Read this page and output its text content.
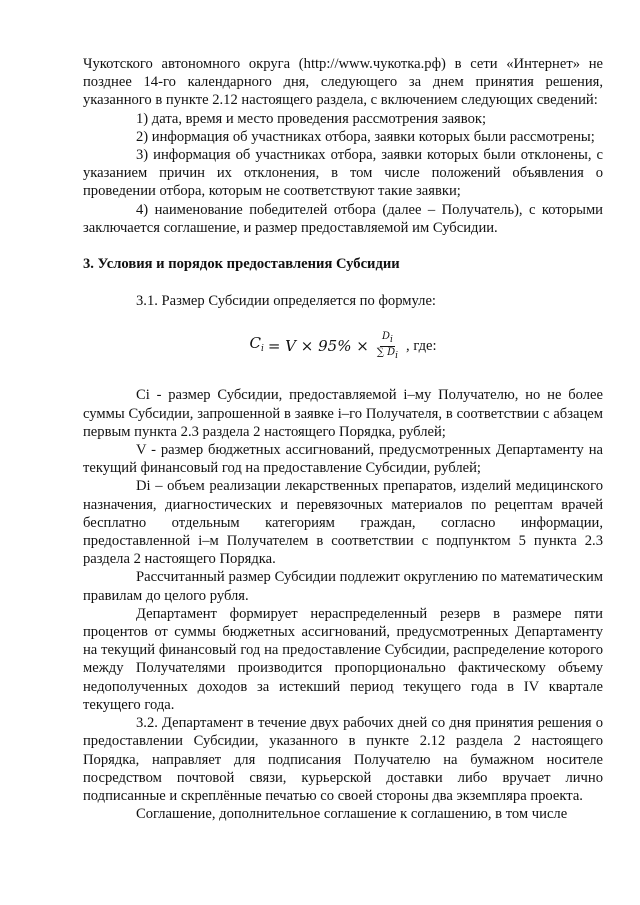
Чукотского автономного округа (http://www.чукотка.рф) в сети «Интернет» не позднее 14-го календарного дня, следующего за днем принятия решения, указанного в пункте 2.12 настоящего раздела, с включением следующих сведений:

1) дата, время и место проведения рассмотрения заявок;

2) информация об участниках отбора, заявки которых были рассмотрены;

3) информация об участниках отбора, заявки которых были отклонены, с указанием причин их отклонения, в том числе положений объявления о проведении отбора, которым не соответствуют такие заявки;

4) наименование победителей отбора (далее – Получатель), с которыми заключается соглашение, и размер предоставляемой им Субсидии.

3. Условия и порядок предоставления Субсидии

3.1. Размер Субсидии определяется по формуле:

$C_i = V \times 95\% \times \frac{Di}{\sum Di}$ , где:

Ci - размер Субсидии, предоставляемой i–му Получателю, но не более суммы Субсидии, запрошенной в заявке i–го Получателя, в соответствии с абзацем первым пункта 2.3 раздела 2 настоящего Порядка, рублей;

V - размер бюджетных ассигнований, предусмотренных Департаменту на текущий финансовый год на предоставление Субсидии, рублей;

Di – объем реализации лекарственных препаратов, изделий медицинского назначения, диагностических и перевязочных материалов по рецептам врачей бесплатно отдельным категориям граждан, согласно информации, предоставленной i–м Получателем в соответствии с подпунктом 5 пункта 2.3 раздела 2 настоящего Порядка.

Рассчитанный размер Субсидии подлежит округлению по математическим правилам до целого рубля.

Департамент формирует нераспределенный резерв в размере пяти процентов от суммы бюджетных ассигнований, предусмотренных Департаменту на текущий финансовый год на предоставление Субсидии, распределение которого между Получателями производится пропорционально фактическому объему недополученных доходов за истекший период текущего года в IV квартале текущего года.

3.2. Департамент в течение двух рабочих дней со дня принятия решения о предоставлении Субсидии, указанного в пункте 2.12 раздела 2 настоящего Порядка, направляет для подписания Получателю на бумажном носителе посредством почтовой связи, курьерской доставки либо вручает лично подписанные и скреплённые печатью со своей стороны два экземпляра проекта.

Соглашение, дополнительное соглашение к соглашению, в том числе
